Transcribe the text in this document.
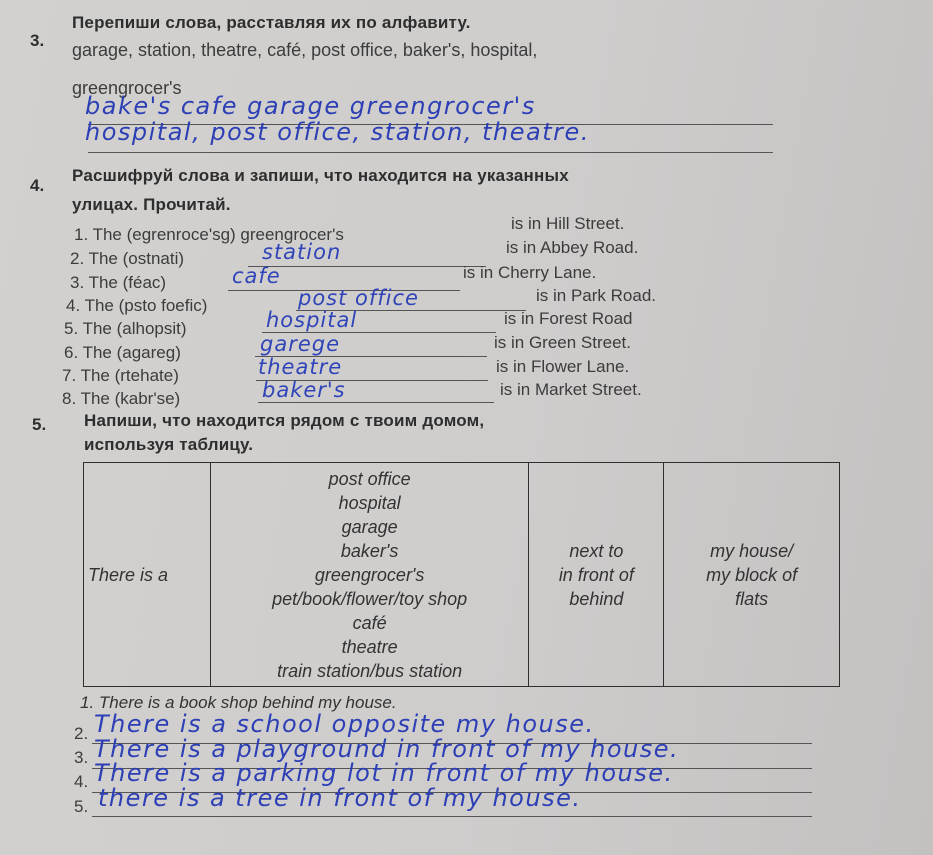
3.
Перепиши слова, расставляя их по алфавиту.
garage, station, theatre, café, post office, baker's, hospital,
greengrocer's
bake's cafe garage greengrocer's
hospital, post office, station, theatre.
4.
Расшифруй слова и запиши, что находится на указанных
улицах. Прочитай.
1. The (egrenroce'sg) greengrocer's
is in Hill Street.
2. The (ostnati)	station	is in Abbey Road.
3. The (féac)	cafe	is in Cherry Lane.
4. The (psto foefic)	post office	is in Park Road.
5. The (alhopsit)	hospital	is in Forest Road
6. The (agareg)	garege	is in Green Street.
7. The (rtehate)	theatre	is in Flower Lane.
8. The (kabr'se)	baker's	is in Market Street.
5. Напиши, что находится рядом с твоим домом,
используя таблицу.
There is a	
post office
hospital
garage
baker's
greengrocer's
pet/book/flower/toy shop
café
theatre
train station/bus station

next to
in front of
behind

my house/
my block of
flats
1. There is a book shop behind my house.
2. There is a school opposite my house.
3. There is a playground in front of my house.
4. There is a parking lot in front of my house.
5. there is a tree in front of my house.
